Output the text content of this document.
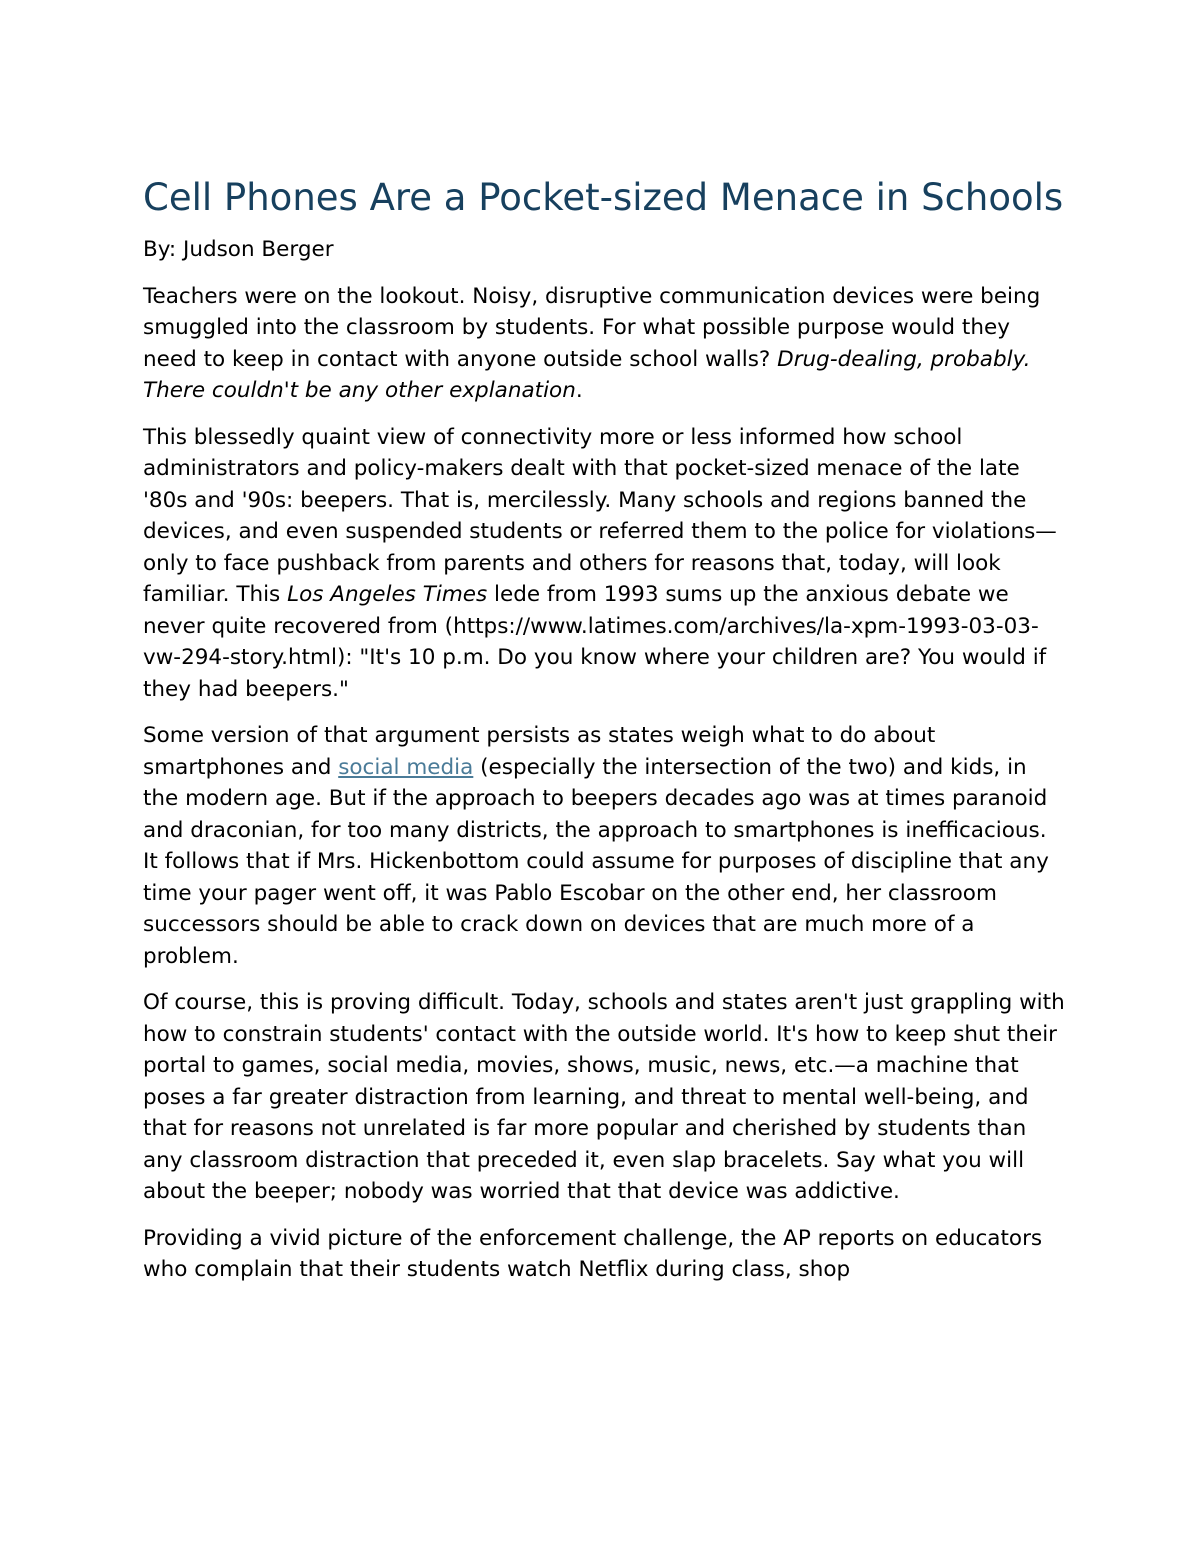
Cell Phones Are a Pocket-sized Menace in Schools
By: Judson Berger

Teachers were on the lookout. Noisy, disruptive communication devices were being smuggled into the classroom by students. For what possible purpose would they need to keep in contact with anyone outside school walls? Drug-dealing, probably. There couldn't be any other explanation.

This blessedly quaint view of connectivity more or less informed how school administrators and policy-makers dealt with that pocket-sized menace of the late '80s and '90s: beepers. That is, mercilessly. Many schools and regions banned the devices, and even suspended students or referred them to the police for violations—only to face pushback from parents and others for reasons that, today, will look familiar. This Los Angeles Times lede from 1993 sums up the anxious debate we never quite recovered from (https://www.latimes.com/archives/la-xpm-1993-03-03-vw-294-story.html): "It's 10 p.m. Do you know where your children are? You would if they had beepers."

Some version of that argument persists as states weigh what to do about smartphones and social media (especially the intersection of the two) and kids, in the modern age. But if the approach to beepers decades ago was at times paranoid and draconian, for too many districts, the approach to smartphones is inefficacious. It follows that if Mrs. Hickenbottom could assume for purposes of discipline that any time your pager went off, it was Pablo Escobar on the other end, her classroom successors should be able to crack down on devices that are much more of a problem.

Of course, this is proving difficult. Today, schools and states aren't just grappling with how to constrain students' contact with the outside world. It's how to keep shut their portal to games, social media, movies, shows, music, news, etc.—a machine that poses a far greater distraction from learning, and threat to mental well-being, and that for reasons not unrelated is far more popular and cherished by students than any classroom distraction that preceded it, even slap bracelets. Say what you will about the beeper; nobody was worried that that device was addictive.

Providing a vivid picture of the enforcement challenge, the AP reports on educators who complain that their students watch Netflix during class, shop
